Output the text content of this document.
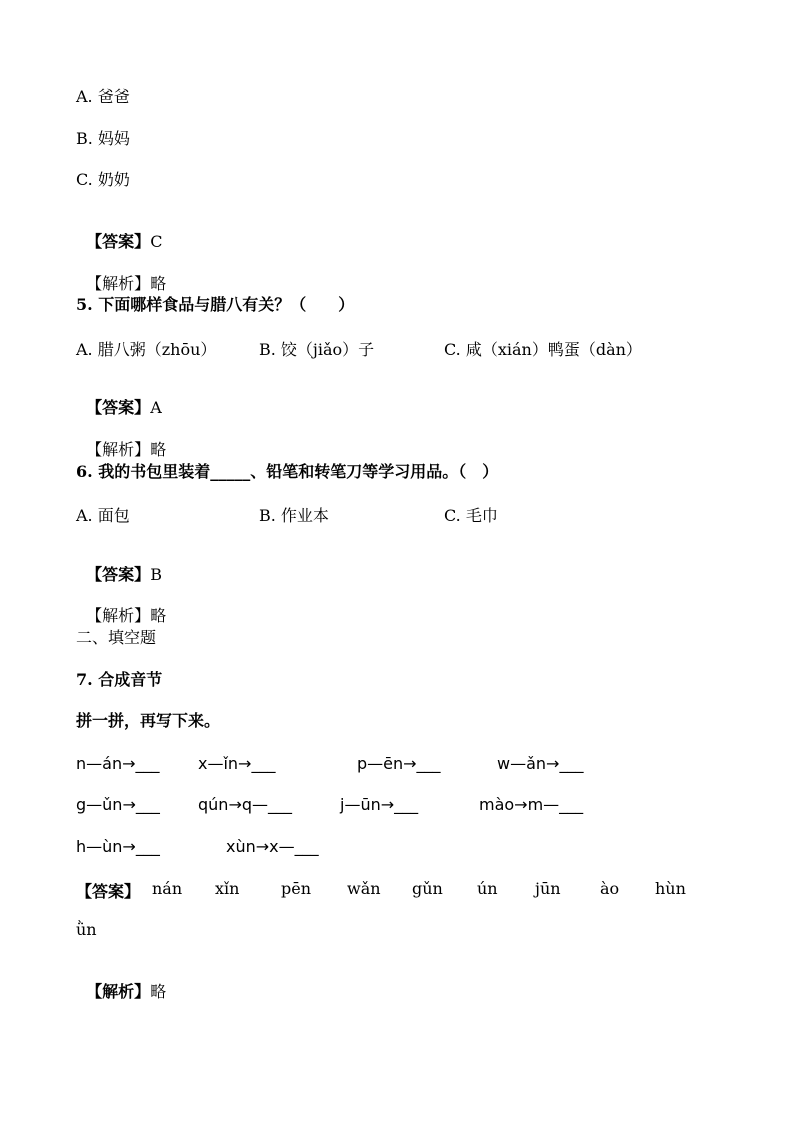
A. 爸爸
B. 妈妈
C. 奶奶

【答案】C

【解析】略

5. 下面哪样食品与腊八有关？（　　）
A. 腊八粥（zhōu）	B. 饺（jiǎo）子	C. 咸（xián）鸭蛋（dàn）

【答案】A

【解析】略

6. 我的书包里装着_____、铅笔和转笔刀等学习用品。（　）
A. 面包	B. 作业本	C. 毛巾

【答案】B

【解析】略

二、填空题
7. 合成音节
拼一拼，再写下来。
n—án→___ x—ǐn→___	p—ēn→___	w—ǎn→___
g—ǔn→___ qún→q—___	j—ūn→___	mào→m—___
h—ùn→___	xùn→x—___
【答案】 nán xǐn	pēn wǎn gǔn ún jūn ào hùn
ǜn

【解析】略
